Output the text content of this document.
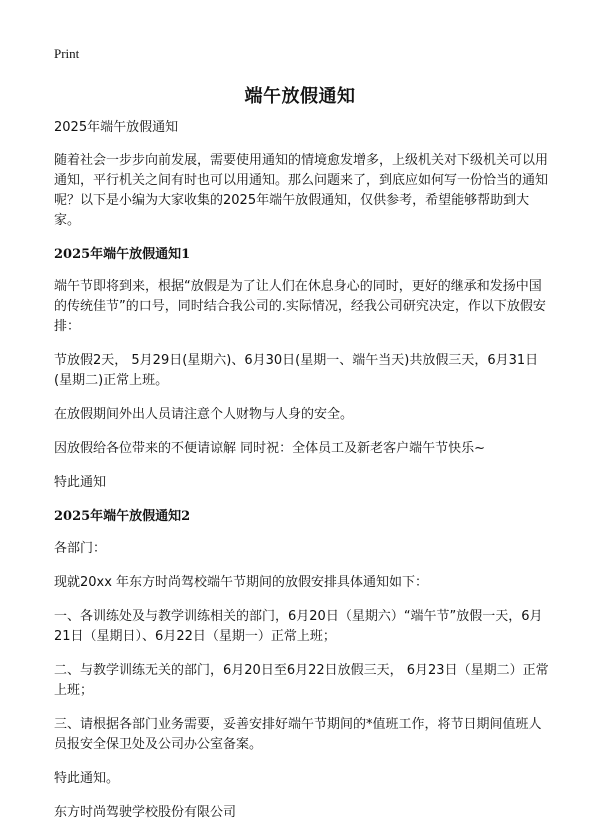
Print
端午放假通知

2025年端午放假通知

随着社会一步步向前发展，需要使用通知的情境愈发增多，上级机关对下级机关可以用通知，平行机关之间有时也可以用通知。那么问题来了，到底应如何写一份恰当的通知呢？以下是小编为大家收集的2025年端午放假通知，仅供参考，希望能够帮助到大家。

2025年端午放假通知1

端午节即将到来，根据“放假是为了让人们在休息身心的同时，更好的继承和发扬中国的传统佳节”的口号，同时结合我公司的.实际情况，经我公司研究决定，作以下放假安排：

节放假2天， 5月29日(星期六)、6月30日(星期一、端午当天)共放假三天，6月31日(星期二)正常上班。

在放假期间外出人员请注意个人财物与人身的安全。

因放假给各位带来的不便请谅解 同时祝：全体员工及新老客户端午节快乐~

特此通知

2025年端午放假通知2

各部门：

现就20xx 年东方时尚驾校端午节期间的放假安排具体通知如下：

一、各训练处及与教学训练相关的部门，6月20日（星期六）“端午节”放假一天，6月21日（星期日）、6月22日（星期一）正常上班；

二、与教学训练无关的部门，6月20日至6月22日放假三天， 6月23日（星期二）正常上班；

三、请根据各部门业务需要，妥善安排好端午节期间的*值班工作，将节日期间值班人员报安全保卫处及公司办公室备案。

特此通知。

东方时尚驾驶学校股份有限公司
